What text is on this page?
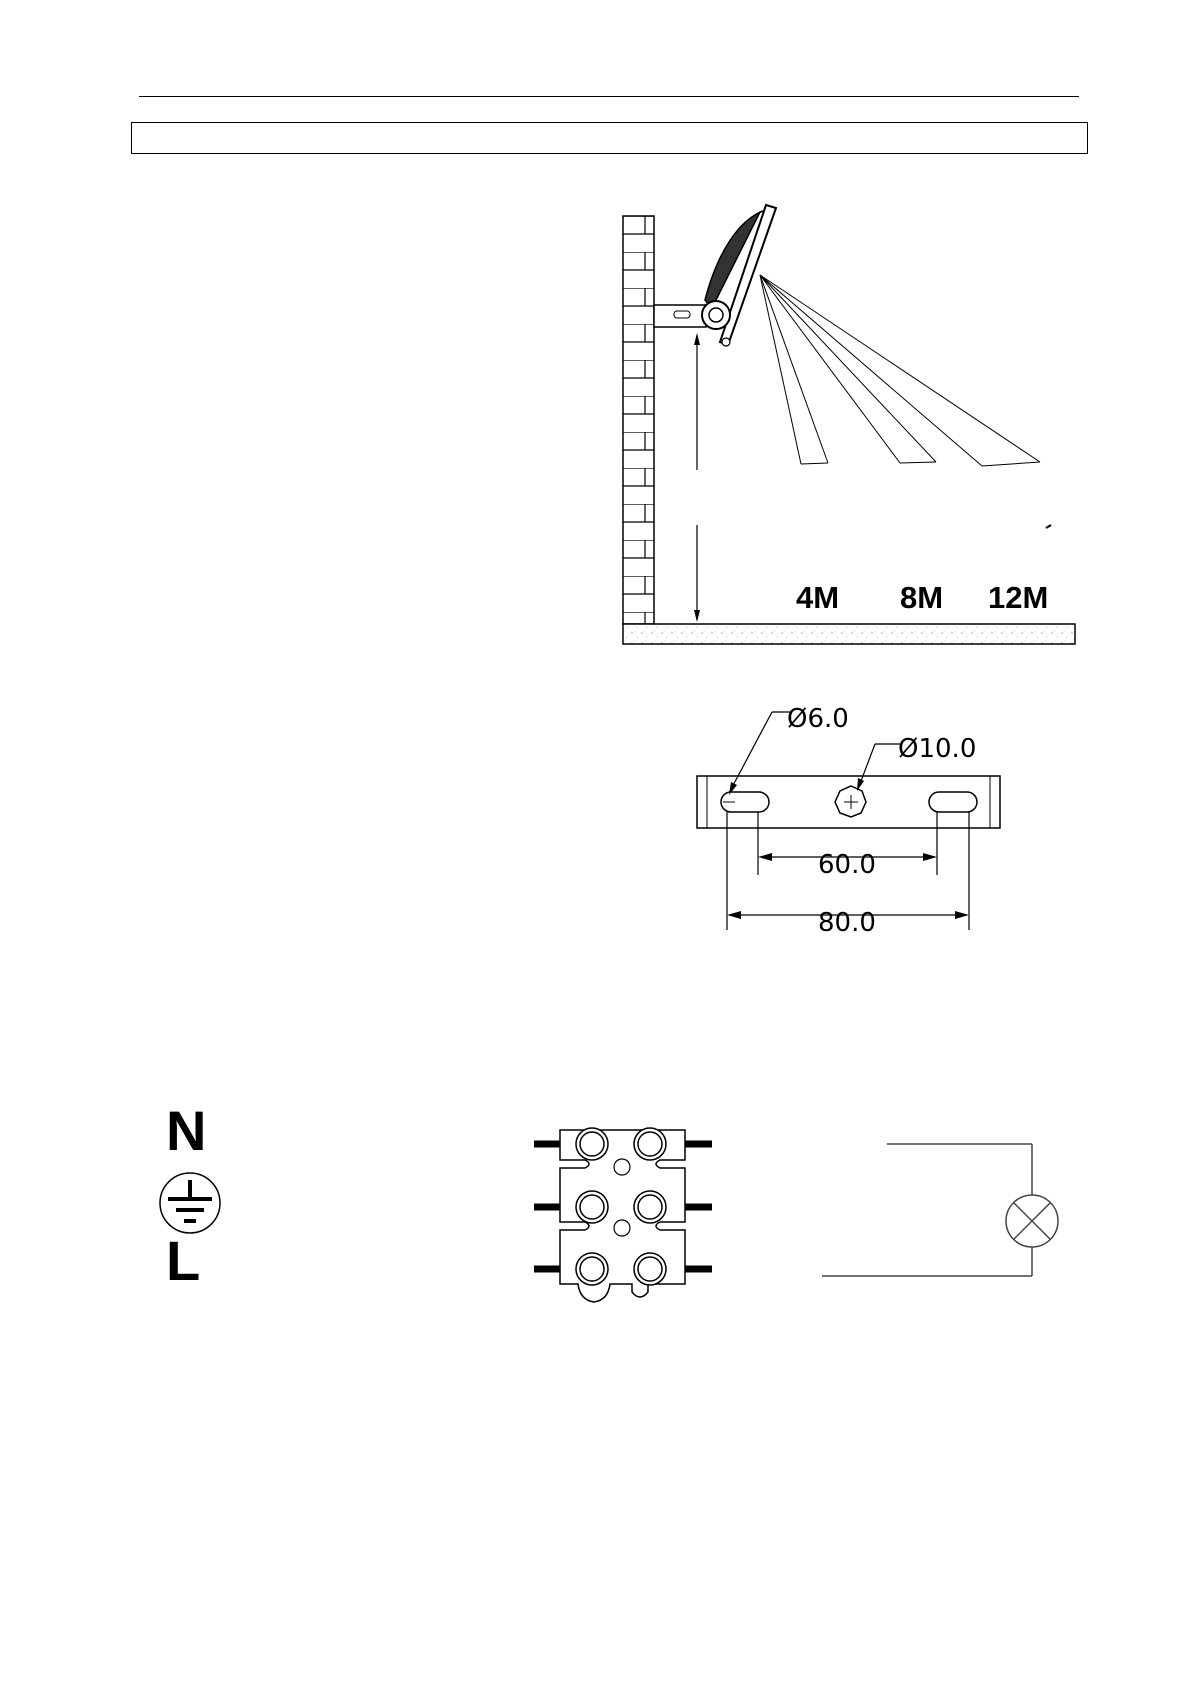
4M 8M 12M
Ø6.0
Ø10.0
60.0
80.0
N
L
